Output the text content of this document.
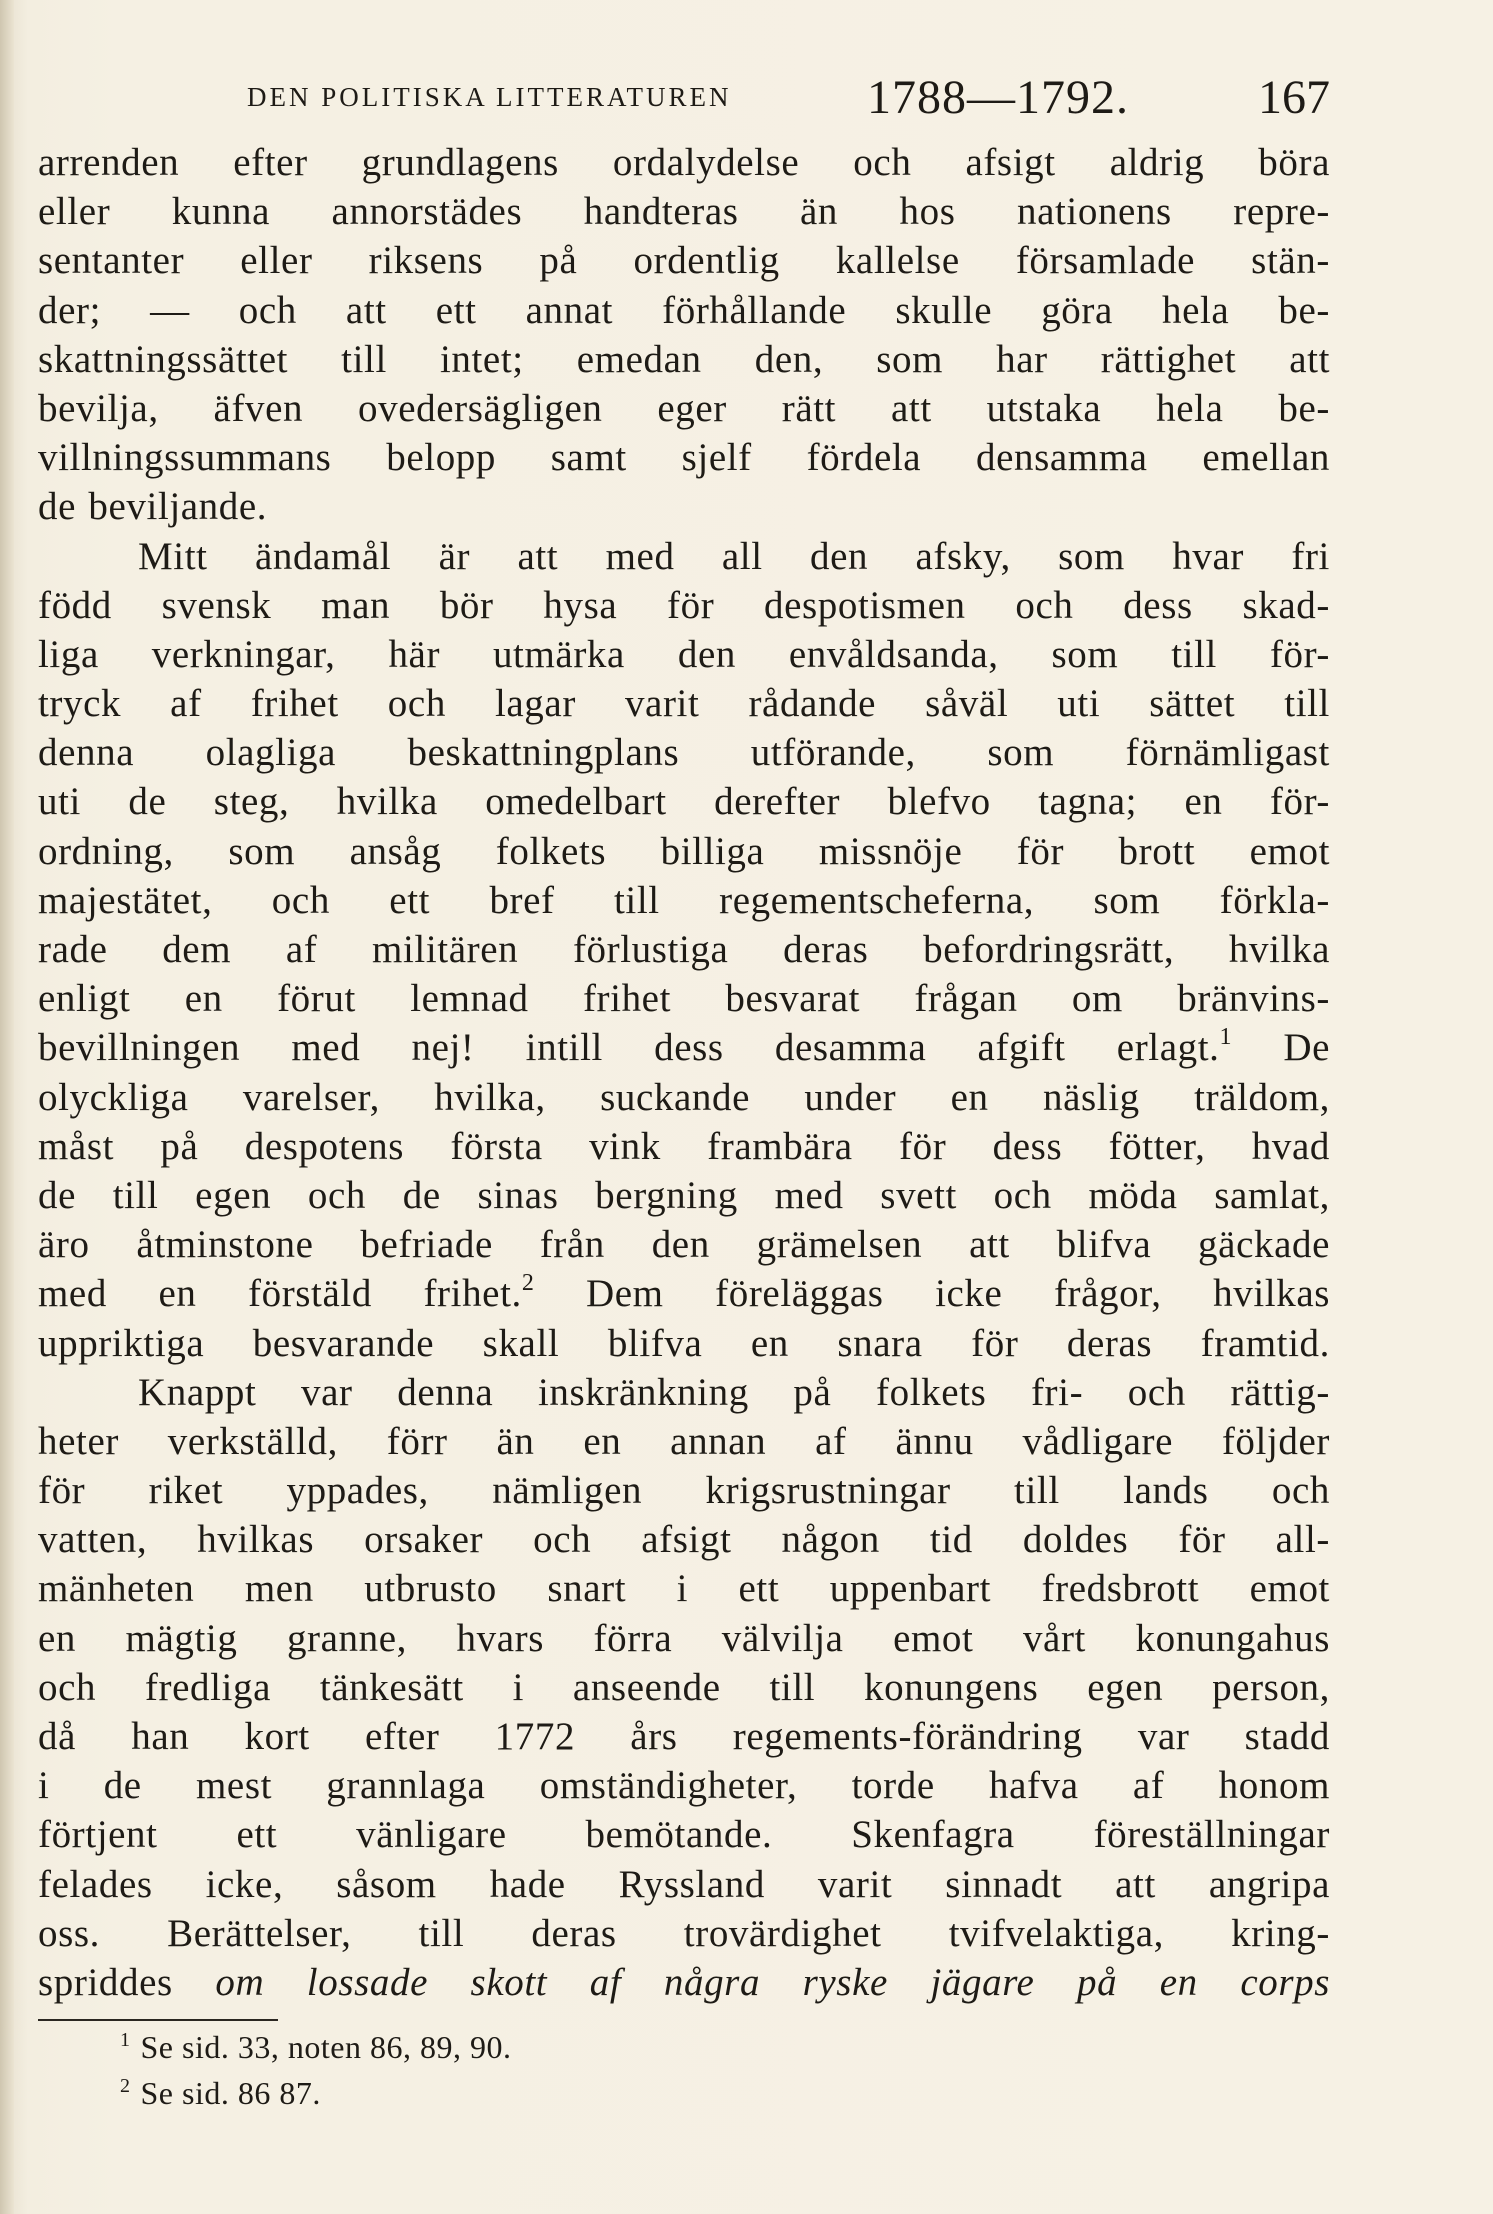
DEN POLITISKA LITTERATUREN	1788—1792.	167
arrenden efter grundlagens ordalydelse och afsigt aldrig böra
eller kunna annorstädes handteras än hos nationens repre-
sentanter eller riksens på ordentlig kallelse församlade stän-
der; — och att ett annat förhållande skulle göra hela be-
skattningssättet till intet; emedan den, som har rättighet att
bevilja, äfven ovedersägligen eger rätt att utstaka hela be-
villningssummans belopp samt sjelf fördela densamma emellan
de beviljande.
Mitt ändamål är att med all den afsky, som hvar fri
född svensk man bör hysa för despotismen och dess skad-
liga verkningar, här utmärka den envåldsanda, som till för-
tryck af frihet och lagar varit rådande såväl uti sättet till
denna olagliga beskattningplans utförande, som förnämligast
uti de steg, hvilka omedelbart derefter blefvo tagna; en för-
ordning, som ansåg folkets billiga missnöje för brott emot
majestätet, och ett bref till regementscheferna, som förkla-
rade dem af militären förlustiga deras befordringsrätt, hvilka
enligt en förut lemnad frihet besvarat frågan om bränvins-
bevillningen med nej! intill dess desamma afgift erlagt.$^1$ De
olyckliga varelser, hvilka, suckande under en näslig träldom,
måst på despotens första vink frambära för dess fötter, hvad
de till egen och de sinas bergning med svett och möda samlat,
äro åtminstone befriade från den grämelsen att blifva gäckade
med en förstäld frihet.$^2$ Dem föreläggas icke frågor, hvilkas
uppriktiga besvarande skall blifva en snara för deras framtid.
Knappt var denna inskränkning på folkets fri- och rättig-
heter verkställd, förr än en annan af ännu vådligare följder
för riket yppades, nämligen krigsrustningar till lands och
vatten, hvilkas orsaker och afsigt någon tid doldes för all-
mänheten men utbrusto snart i ett uppenbart fredsbrott emot
en mägtig granne, hvars förra välvilja emot vårt konungahus
och fredliga tänkesätt i anseende till konungens egen person,
då han kort efter 1772 års regements-förändring var stadd
i de mest grannlaga omständigheter, torde hafva af honom
förtjent ett vänligare bemötande. Skenfagra föreställningar
felades icke, såsom hade Ryssland varit sinnadt att angripa
oss. Berättelser, till deras trovärdighet tvifvelaktiga, kring-
spriddes om lossade skott af några ryske jägare på en corps
$^1$ Se sid. 33, noten 86, 89, 90.
$^2$ Se sid. 86 87.
